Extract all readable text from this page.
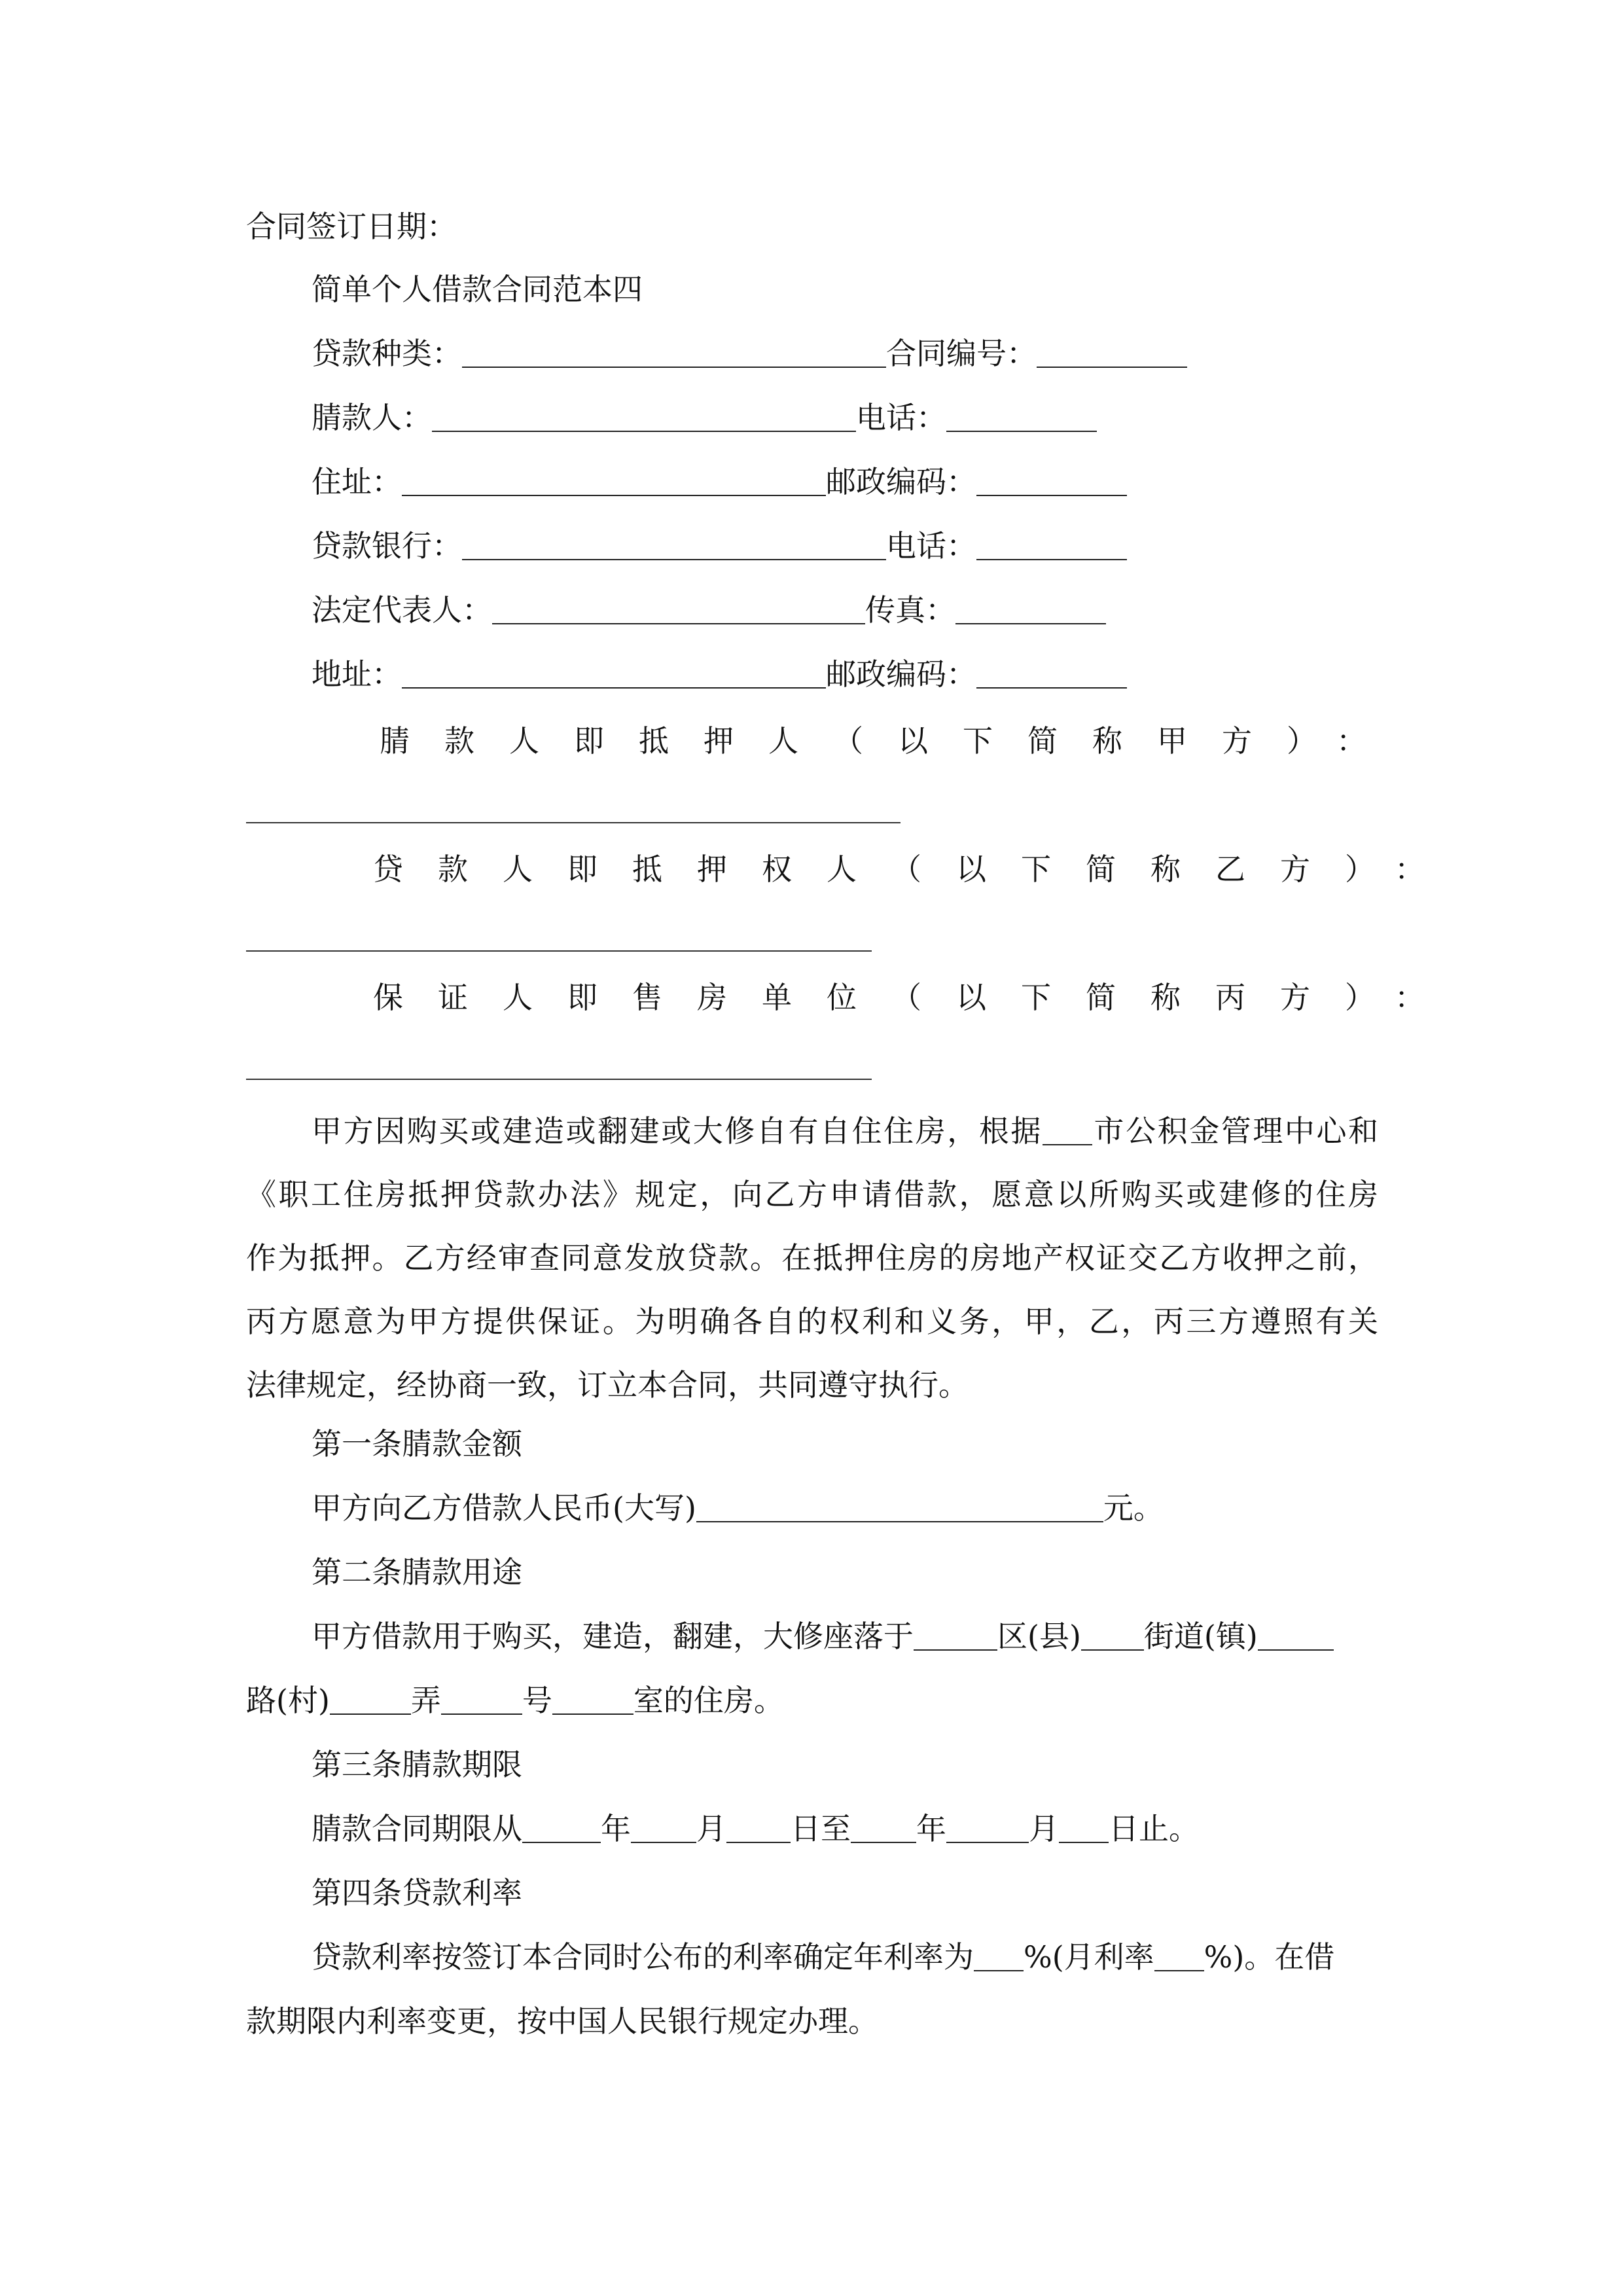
合同签订日期：
简单个人借款合同范本四
贷款种类：	合同编号：
腈款人：	电话：
住址：	邮政编码：
贷款银行：	电话：
法定代表人：	传真：
地址：	邮政编码：
腈款人即抵押人（以下简称甲方）：
贷款人即抵押权人（以下简称乙方）：
保证人即售房单位（以下简称丙方）：
甲方因购买或建造或翻建或大修自有自住住房，根据 市公积金管理中心和
《职工住房抵押贷款办法》规定，向乙方申请借款，愿意以所购买或建修的住房
作为抵押。乙方经审查同意发放贷款。在抵押住房的房地产权证交乙方收押之前，
丙方愿意为甲方提供保证。为明确各自的权利和义务，甲，乙，丙三方遵照有关
法律规定，经协商一致，订立本合同，共同遵守执行。
第一条腈款金额
甲方向乙方借款人民币(大写)	元。
第二条腈款用途
甲方借款用于购买，建造，翻建，大修座落于	区(县) 街道(镇)
路(村)	弄	号	室的住房。
第三条腈款期限
腈款合同期限从	年 月 日至 年	月 日止。
第四条贷款利率
贷款利率按签订本合同时公布的利率确定年利率为 %(月利率 %)。在借
款期限内利率变更，按中国人民银行规定办理。
